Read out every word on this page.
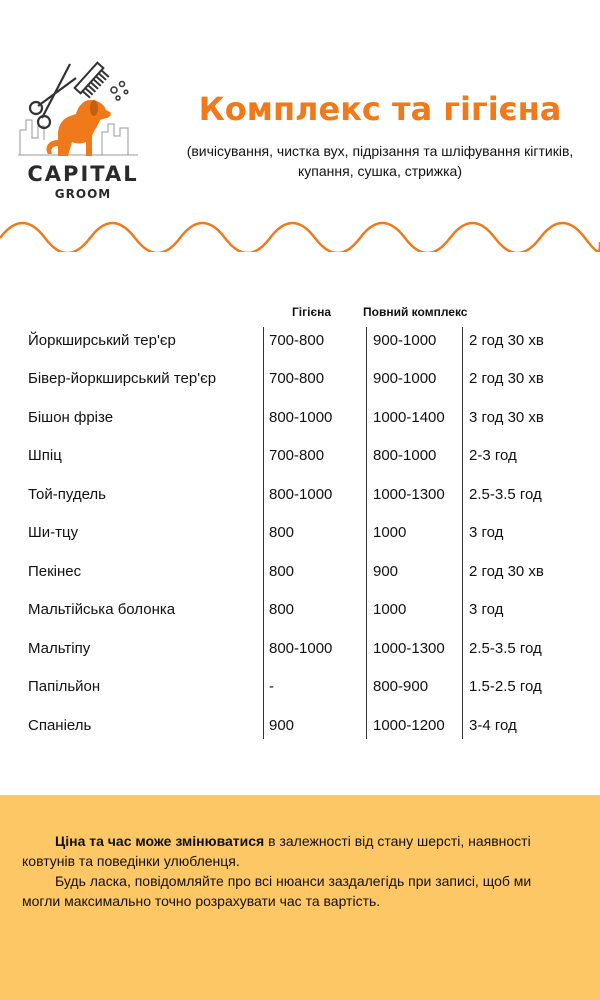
CAPITAL
GROOM
Комплекс та гігієна
(вичісування, чистка вух, підрізання та шліфування кігтиків, купання, сушка, стрижка)
Гігієна	Повний комплекс
Йоркширський тер'єр	700-800	900-1000 2 год 30 хв
Бівер-йоркширський тер'єр	700-800	900-1000 2 год 30 хв
Бішон фрізе	800-1000	1000-1400 3 год 30 хв
Шпіц	700-800	800-1000 2-3 год
Той-пудель	800-1000	1000-1300 2.5-3.5 год
Ши-тцу	800	1000	3 год
Пекінес	800	900	2 год 30 хв
Мальтійська болонка	800	1000	3 год
Мальтіпу	800-1000	1000-1300 2.5-3.5 год
Папільйон	-	800-900	1.5-2.5 год
Спаніель	900	1000-1200 3-4 год

Ціна та час може змінюватися в залежності від стану шерсті, наявності ковтунів та поведінки улюбленця.

Будь ласка, повідомляйте про всі нюанси заздалегідь при записі, щоб ми могли максимально точно розрахувати час та вартість.
